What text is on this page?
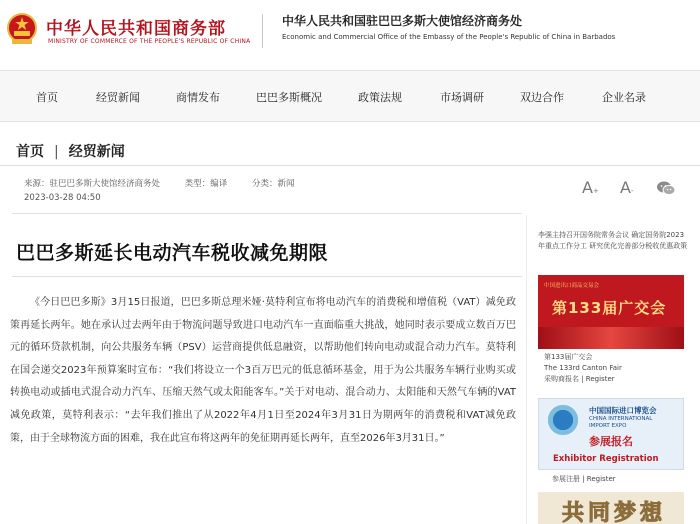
中华人民共和国商务部
MINISTRY OF COMMERCE OF THE PEOPLE'S REPUBLIC OF CHINA
中华人民共和国驻巴巴多斯大使馆经济商务处
Economic and Commercial Office of the Embassy of the People's Republic of China in Barbados
首页	经贸新闻	商情发布	巴巴多斯概况	政策法规	市场调研	双边合作	企业名录
首页 | 经贸新闻
来源：驻巴巴多斯大使馆经济商务处	类型：编译	分类：新闻
2023-03-28 04:50
A+ A-
巴巴多斯延长电动汽车税收减免期限

《今日巴巴多斯》3月15日报道，巴巴多斯总理米娅·莫特利宣布将电动汽车的消费税和增值税（VAT）减免政策再延长两年。她在承认过去两年由于物流问题导致进口电动汽车一直面临重大挑战，她同时表示要成立数百万巴元的循环贷款机制，向公共服务车辆（PSV）运营商提供低息融资，以帮助他们转向电动或混合动力汽车。莫特利在国会递交2023年预算案时宣布：“我们将设立一个3百万巴元的低息循环基金，用于为公共服务车辆行业购买或转换电动或插电式混合动力汽车、压缩天然气或太阳能客车。”关于对电动、混合动力、太阳能和天然气车辆的VAT减免政策，莫特利表示：“去年我们推出了从2022年4月1日至2024年3月31日为期两年的消费税和VAT减免政策，由于全球物流方面的困难，我在此宣布将这两年的免征期再延长两年，直至2026年3月31日。”

李强主持召开国务院常务会议 确定国务院2023年重点工作分工 研究优化完善部分税收优惠政策
中国进出口商品交易会
第133届广交会
第133届广交会
The 133rd Canton Fair
采购商报名 | Register
中国国际进口博览会
CHINA INTERNATIONAL
IMPORT EXPO
参展报名
Exhibitor Registration
参展注册 | Register
共同梦想
